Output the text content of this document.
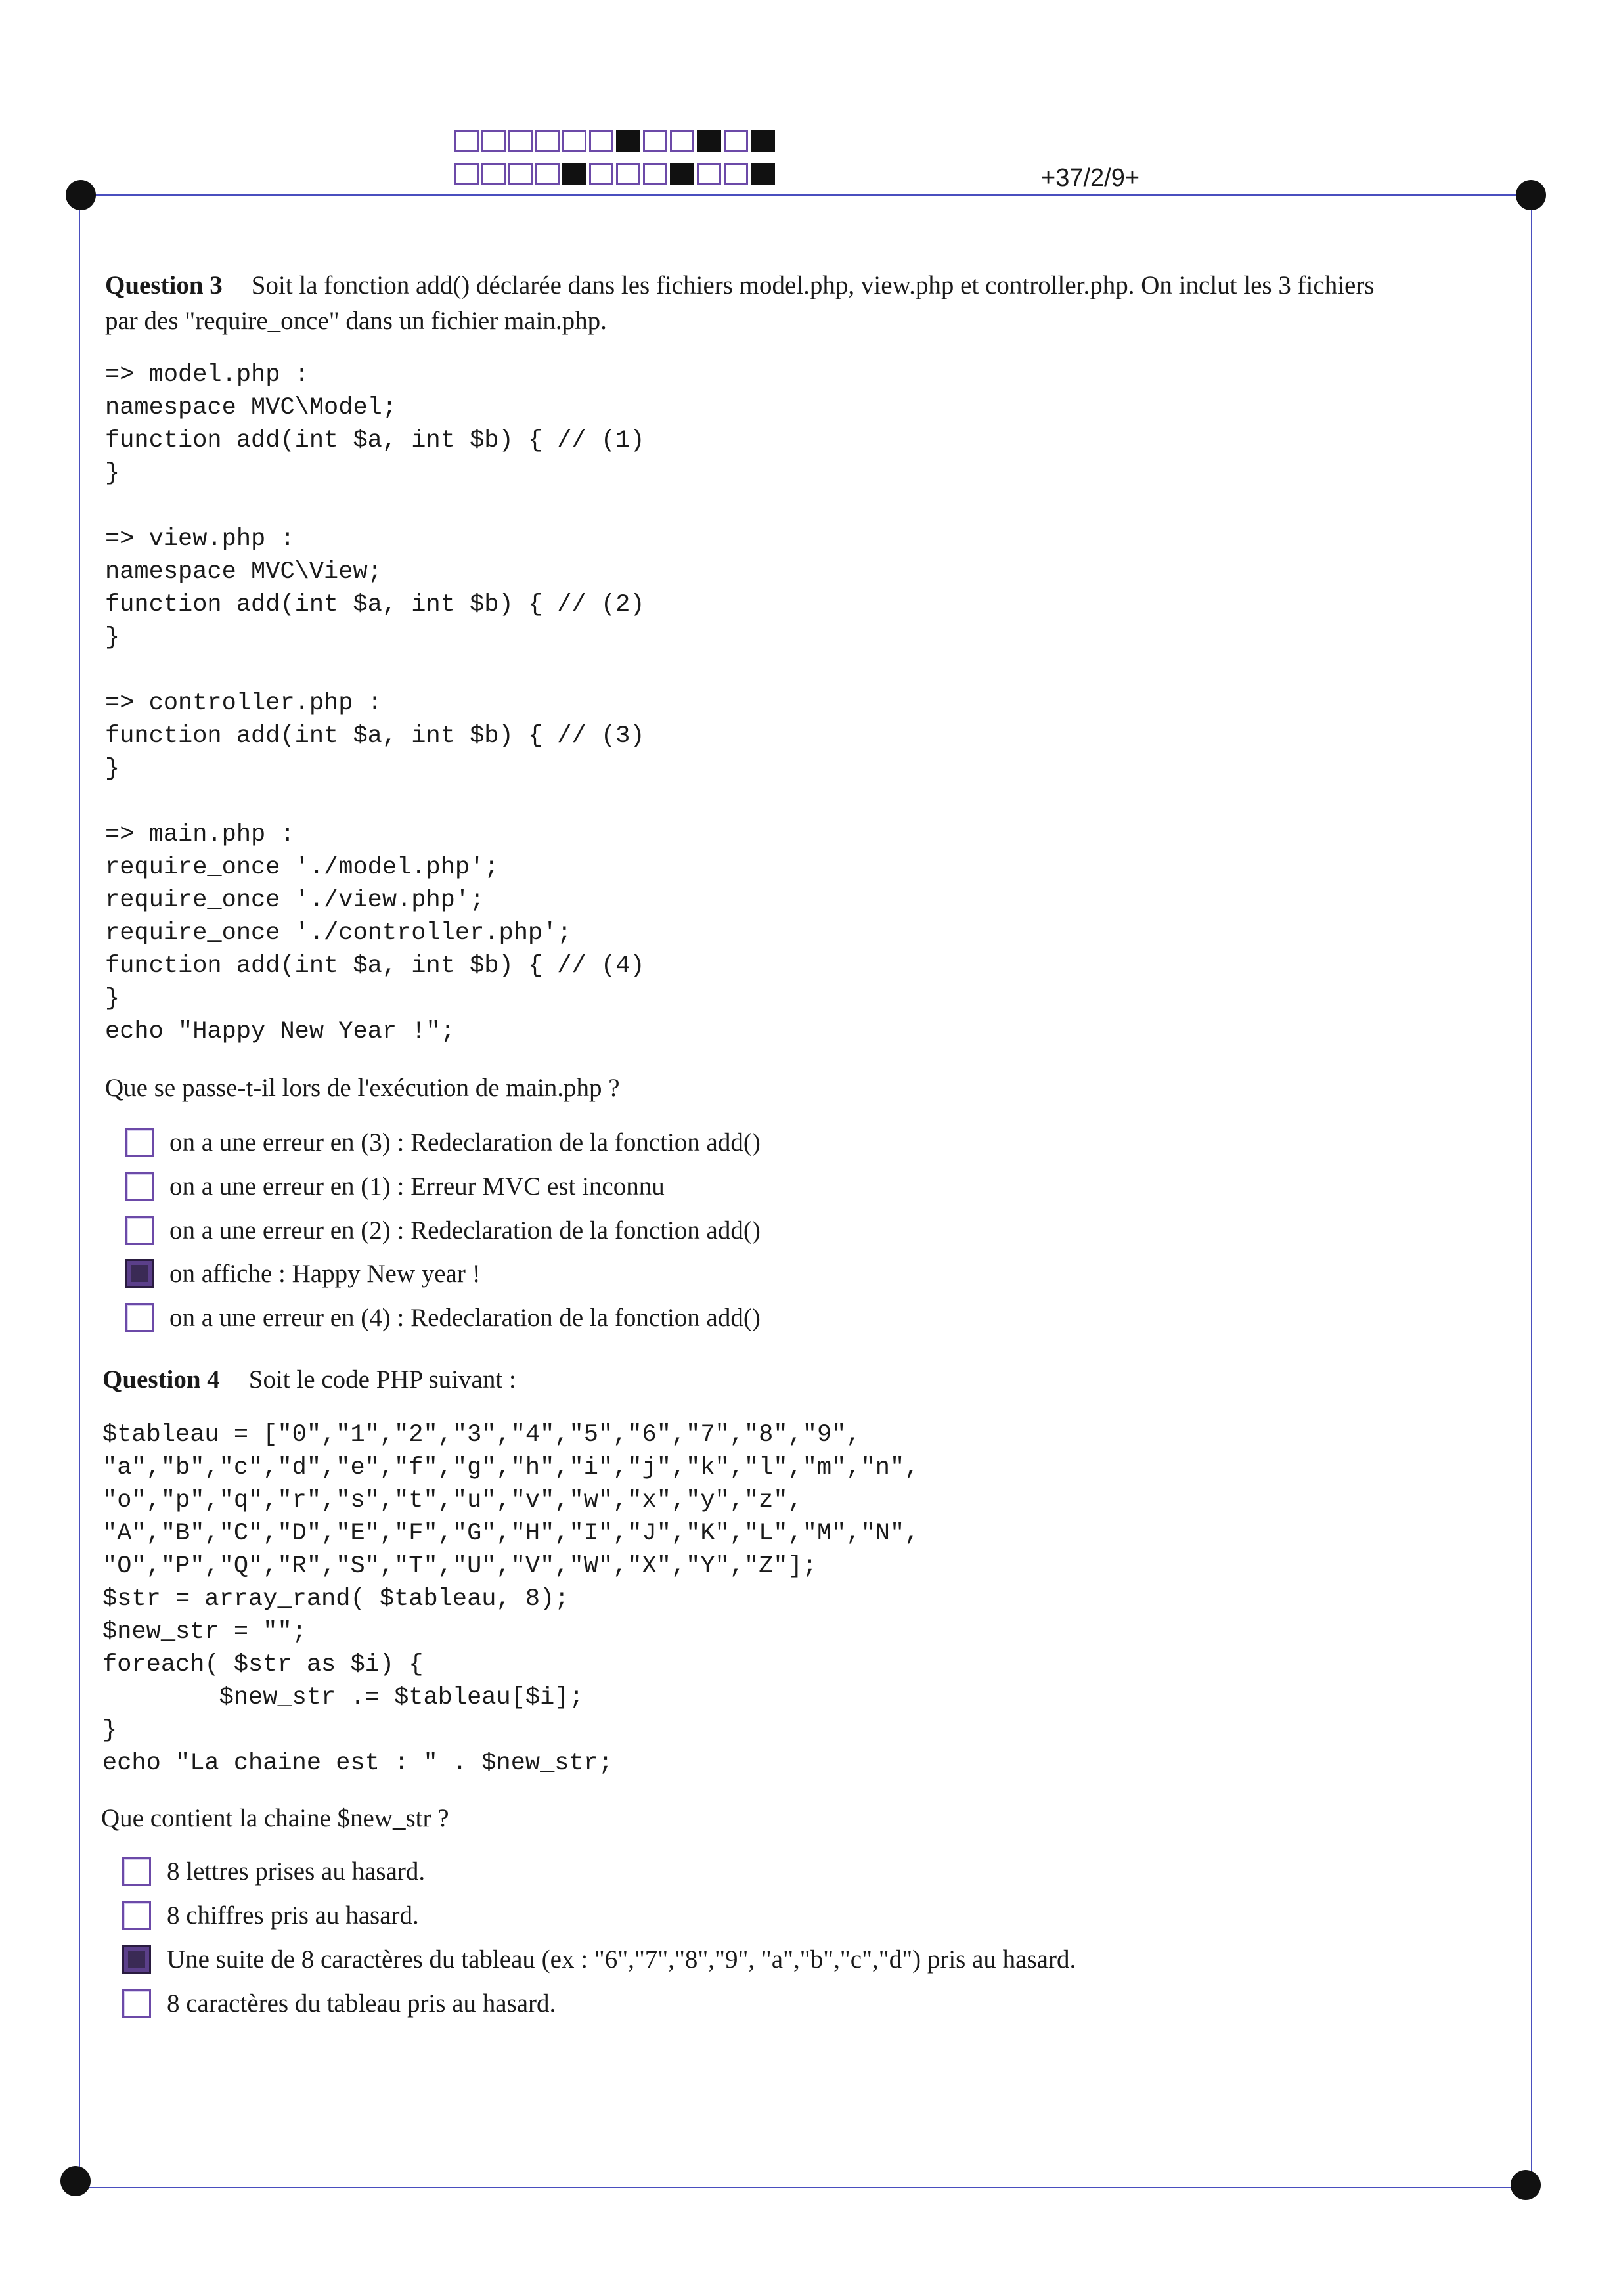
+37/2/9+
Question 3 Soit la fonction add() déclarée dans les fichiers model.php, view.php et controller.php. On inclut les 3 fichiers
par des "require_once" dans un fichier main.php.
=> model.php :
namespace MVC\Model;
function add(int $a, int $b) { // (1)
}

=> view.php :
namespace MVC\View;
function add(int $a, int $b) { // (2)
}

=> controller.php :
function add(int $a, int $b) { // (3)
}

=> main.php :
require_once './model.php';
require_once './view.php';
require_once './controller.php';
function add(int $a, int $b) { // (4)
}
echo "Happy New Year !";
Que se passe-t-il lors de l'exécution de main.php ?
on a une erreur en (3) : Redeclaration de la fonction add()
on a une erreur en (1) : Erreur MVC est inconnu
on a une erreur en (2) : Redeclaration de la fonction add()
on affiche : Happy New year !
on a une erreur en (4) : Redeclaration de la fonction add()
Question 4 Soit le code PHP suivant :
$tableau = ["0","1","2","3","4","5","6","7","8","9",
"a","b","c","d","e","f","g","h","i","j","k","l","m","n",
"o","p","q","r","s","t","u","v","w","x","y","z",
"A","B","C","D","E","F","G","H","I","J","K","L","M","N",
"O","P","Q","R","S","T","U","V","W","X","Y","Z"];
$str = array_rand( $tableau, 8);
$new_str = "";
foreach( $str as $i) {
$new_str .= $tableau[$i];
}
echo "La chaine est : " . $new_str;
Que contient la chaine $new_str ?
8 lettres prises au hasard.
8 chiffres pris au hasard.
Une suite de 8 caractères du tableau (ex : "6","7","8","9", "a","b","c","d") pris au hasard.
8 caractères du tableau pris au hasard.
